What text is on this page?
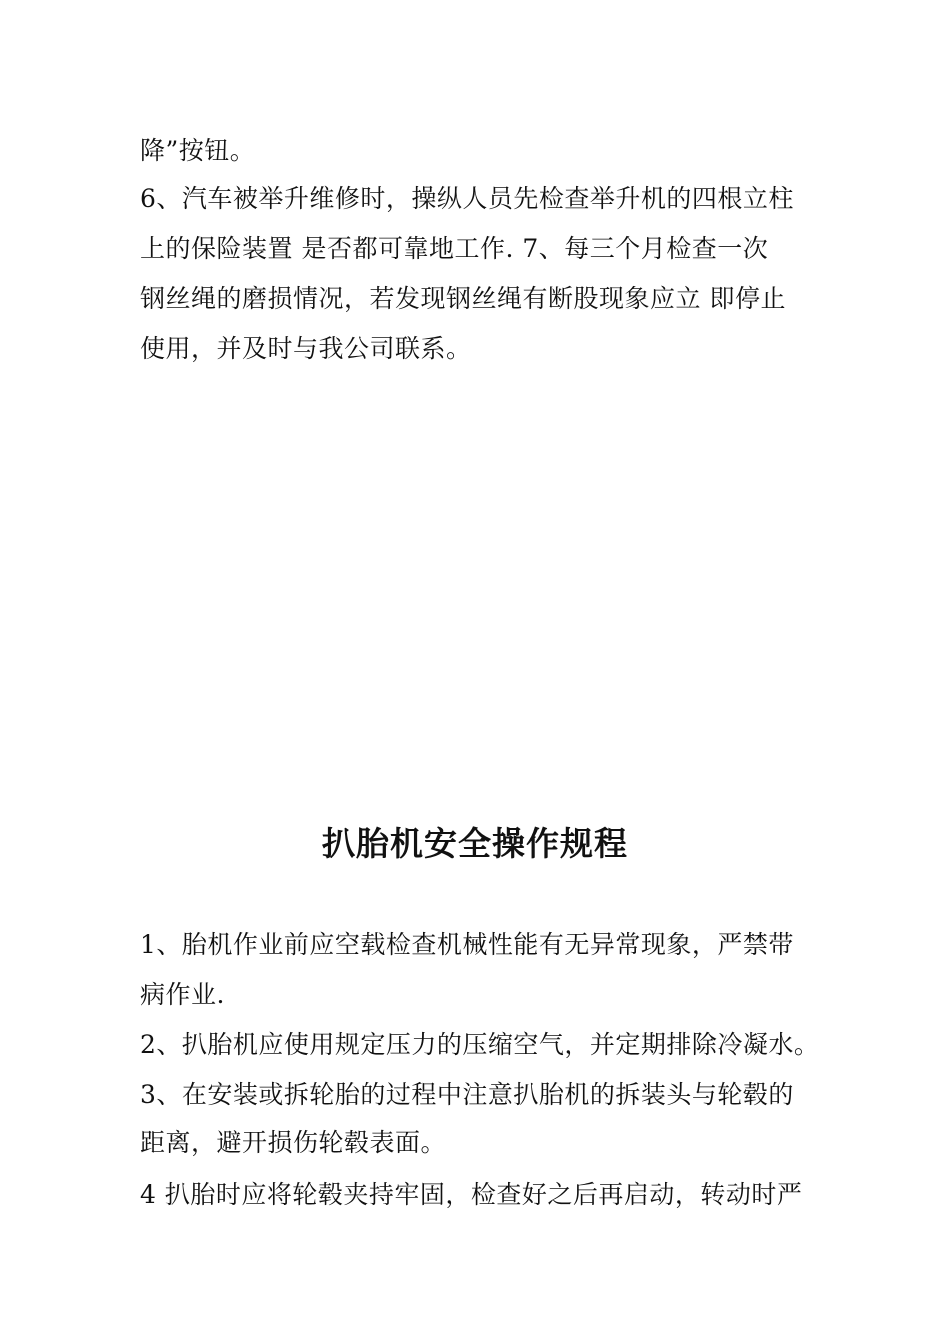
降”按钮。
6、汽车被举升维修时，操纵人员先检查举升机的四根立柱
上的保险装置 是否都可靠地工作. 7、每三个月检查一次
钢丝绳的磨损情况，若发现钢丝绳有断股现象应立 即停止
使用，并及时与我公司联系。
扒胎机安全操作规程
1、胎机作业前应空载检查机械性能有无异常现象，严禁带
病作业.
2、扒胎机应使用规定压力的压缩空气，并定期排除冷凝水。
3、在安装或拆轮胎的过程中注意扒胎机的拆装头与轮毂的
距离，避开损伤轮毂表面。
4 扒胎时应将轮毂夹持牢固，检查好之后再启动，转动时严
